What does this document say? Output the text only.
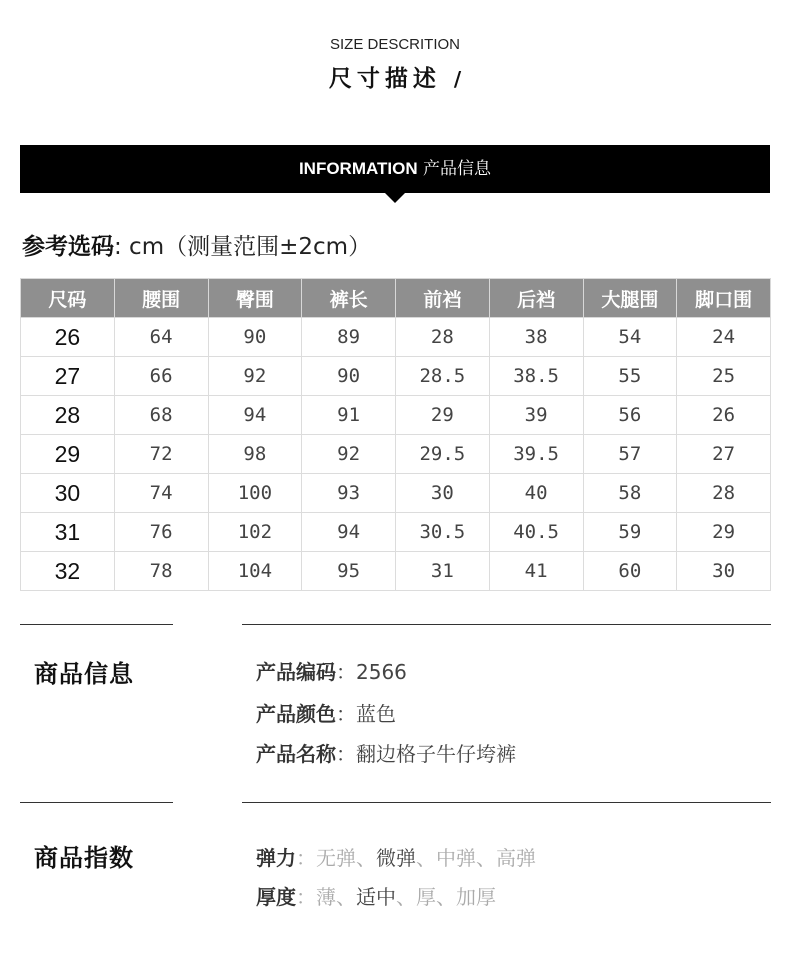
SIZE DESCRITION
尺寸描述 /
INFORMATION 产品信息
参考选码: cm（测量范围±2cm）
尺码	腰围	臀围	裤长	前裆	后裆	大腿围	脚口围
26	64	90	89	28	38	54	24
27	66	92	90	28.5	38.5	55	25
28	68	94	91	29	39	56	26
29	72	98	92	29.5	39.5	57	27
30	74	100	93	30	40	58	28
31	76	102	94	30.5	40.5	59	29
32	78	104	95	31	41	60	30
商品信息	产品编码：2566
产品颜色：蓝色
产品名称：翻边格子牛仔垮裤
商品指数	弹力：无弹、微弹、中弹、高弹
厚度：薄、适中、厚、加厚
